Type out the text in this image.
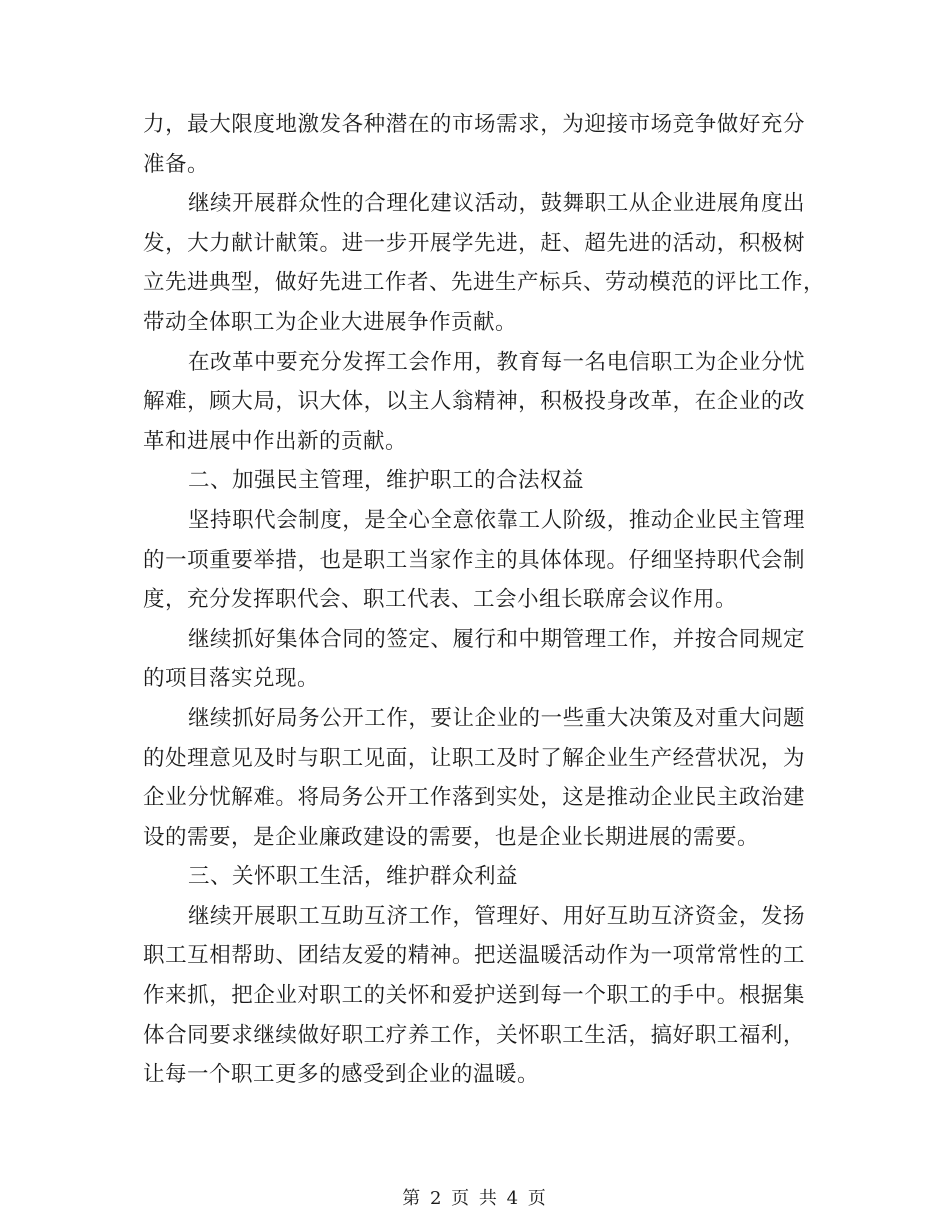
力，最大限度地激发各种潜在的市场需求，为迎接市场竞争做好充分
准备。
继续开展群众性的合理化建议活动，鼓舞职工从企业进展角度出
发，大力献计献策。进一步开展学先进，赶、超先进的活动，积极树
立先进典型，做好先进工作者、先进生产标兵、劳动模范的评比工作，
带动全体职工为企业大进展争作贡献。
在改革中要充分发挥工会作用，教育每一名电信职工为企业分忧
解难，顾大局，识大体，以主人翁精神，积极投身改革，在企业的改
革和进展中作出新的贡献。
二、加强民主管理，维护职工的合法权益
坚持职代会制度，是全心全意依靠工人阶级，推动企业民主管理
的一项重要举措，也是职工当家作主的具体体现。仔细坚持职代会制
度，充分发挥职代会、职工代表、工会小组长联席会议作用。
继续抓好集体合同的签定、履行和中期管理工作，并按合同规定
的项目落实兑现。
继续抓好局务公开工作，要让企业的一些重大决策及对重大问题
的处理意见及时与职工见面，让职工及时了解企业生产经营状况，为
企业分忧解难。将局务公开工作落到实处，这是推动企业民主政治建
设的需要，是企业廉政建设的需要，也是企业长期进展的需要。
三、关怀职工生活，维护群众利益
继续开展职工互助互济工作，管理好、用好互助互济资金，发扬
职工互相帮助、团结友爱的精神。把送温暖活动作为一项常常性的工
作来抓，把企业对职工的关怀和爱护送到每一个职工的手中。根据集
体合同要求继续做好职工疗养工作，关怀职工生活，搞好职工福利，
让每一个职工更多的感受到企业的温暖。
第 2 页 共 4 页
